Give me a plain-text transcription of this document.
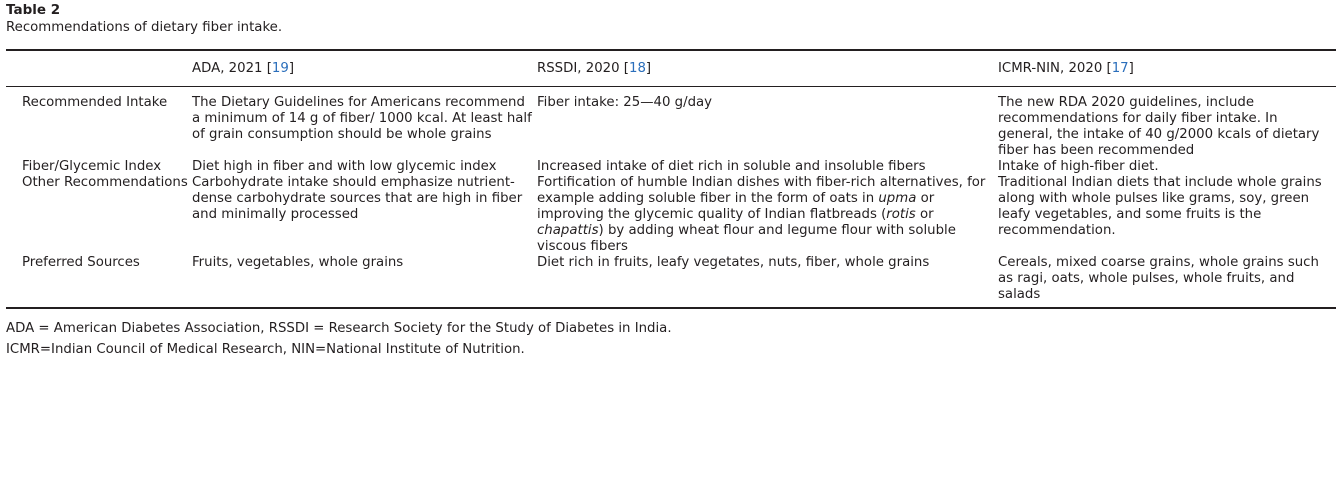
Table 2
Recommendations of dietary fiber intake.
	ADA, 2021 [19]	RSSDI, 2020 [18]	ICMR-NIN, 2020 [17]
Recommended Intake	The Dietary Guidelines for Americans recommend a minimum of 14 g of fiber/ 1000 kcal. At least half of grain consumption should be whole grains	Fiber intake: 25—40 g/day	The new RDA 2020 guidelines, include recommendations for daily fiber intake. In general, the intake of 40 g/2000 kcals of dietary fiber has been recommended

Fiber/Glycemic Index	Diet high in fiber and with low glycemic index	Increased intake of diet rich in soluble and insoluble fibers	Intake of high-fiber diet.

Other Recommendations	Carbohydrate intake should emphasize nutrient-dense carbohydrate sources that are high in fiber and minimally processed	Fortification of humble Indian dishes with fiber-rich alternatives, for example adding soluble fiber in the form of oats in upma or improving the glycemic quality of Indian flatbreads (rotis or chapattis) by adding wheat flour and legume flour with soluble viscous fibers	Traditional Indian diets that include whole grains along with whole pulses like grams, soy, green leafy vegetables, and some fruits is the recommendation.

Preferred Sources	Fruits, vegetables, whole grains	Diet rich in fruits, leafy vegetates, nuts, fiber, whole grains	Cereals, mixed coarse grains, whole grains such as ragi, oats, whole pulses, whole fruits, and salads
ADA = American Diabetes Association, RSSDI = Research Society for the Study of Diabetes in India.
ICMR=Indian Council of Medical Research, NIN=National Institute of Nutrition.
